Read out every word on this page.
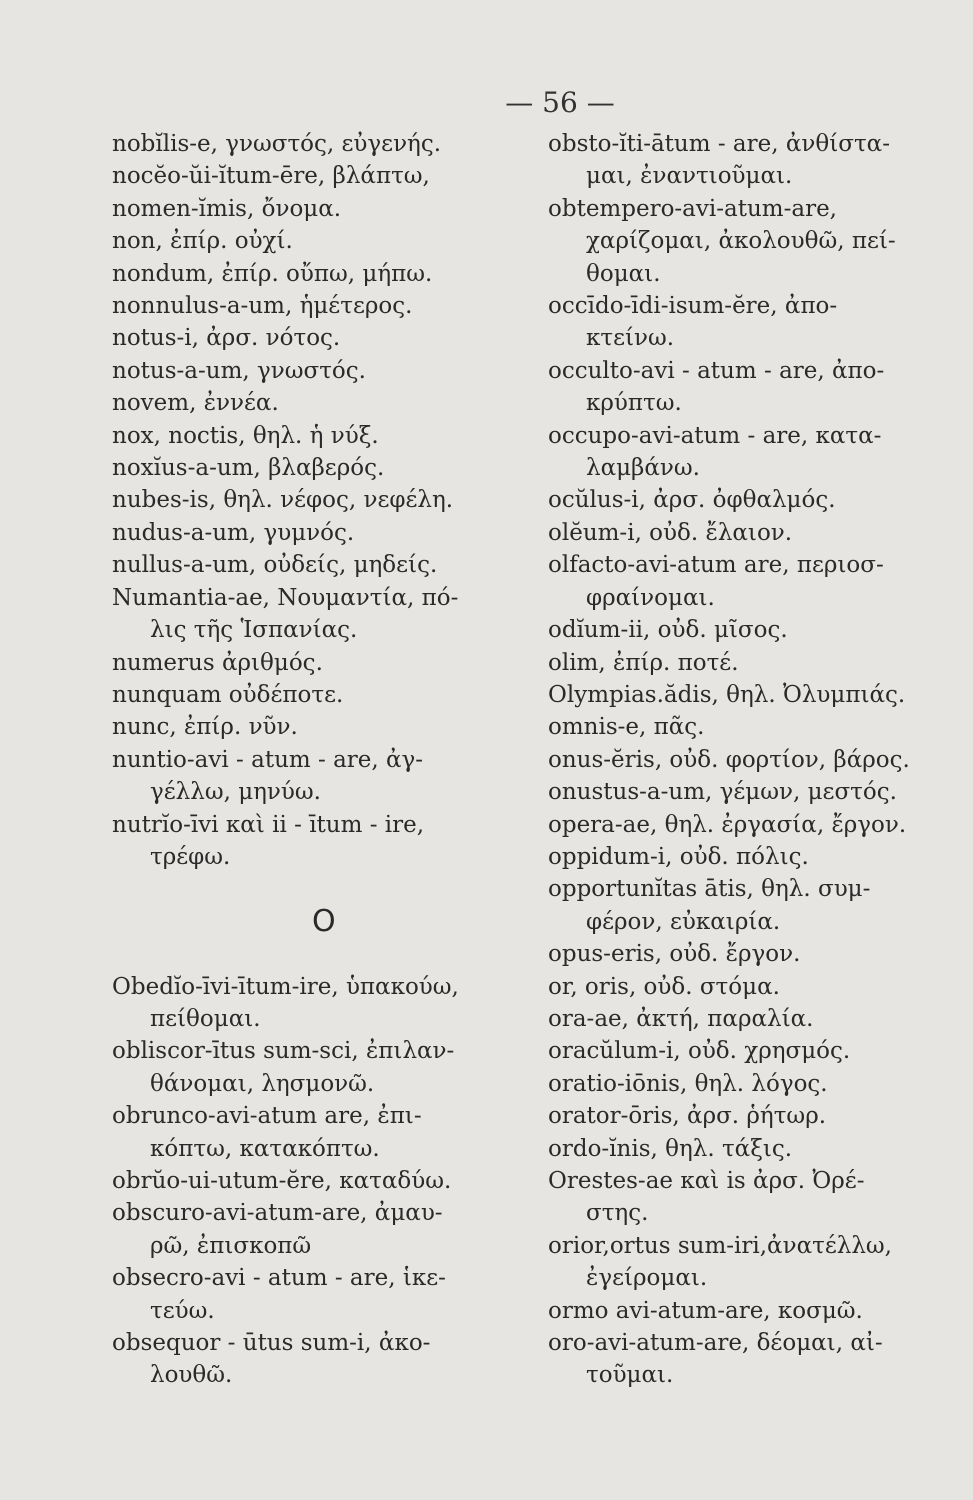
— 56 —
nobĭlis-e, γνωστός, εὐγενής.
nocĕo-ŭi-ĭtum-ēre, βλάπτω,
nomen-ĭmis, ὄνομα.
non, ἐπίρ. οὐχί.
nondum, ἐπίρ. οὔπω, μήπω.
nonnulus-a-um, ἡμέτερος.
notus-i, ἀρσ. νότος.
notus-a-um, γνωστός.
novem, ἐννέα.
nox, noctis, θηλ. ἡ νύξ.
noxĭus-a-um, βλαβερός.
nubes-is, θηλ. νέφος, νεφέλη.
nudus-a-um, γυμνός.
nullus-a-um, οὐδείς, μηδείς.
Numantia-ae, Νουμαντία, πό-
λις τῆς Ἱσπανίας.
numerus ἀριθμός.
nunquam οὐδέποτε.
nunc, ἐπίρ. νῦν.
nuntio-avi - atum - are, ἀγ-
γέλλω, μηνύω.
nutrĭo-īvi καὶ ii - ītum - ire,
τρέφω.
O
Obedĭo-īvi-ītum-ire, ὑπακούω,
πείθομαι.
obliscor-ītus sum-sci, ἐπιλαν-
θάνομαι, λησμονῶ.
obrunco-avi-atum are, ἐπι-
κόπτω, κατακόπτω.
obrŭo-ui-utum-ĕre, καταδύω.
obscuro-avi-atum-are, ἀμαυ-
ρῶ, ἐπισκοπῶ
obsecro-avi - atum - are, ἱκε-
τεύω.
obsequor - ūtus sum-i, ἀκο-
λουθῶ.
obsto-ĭti-ātum - are, ἀνθίστα-
μαι, ἐναντιοῦμαι.
obtempero-avi-atum-are,
χαρίζομαι, ἀκολουθῶ, πεί-
θομαι.
occīdo-īdi-isum-ĕre, ἀπο-
κτείνω.
occulto-avi - atum - are, ἀπο-
κρύπτω.
occupo-avi-atum - are, κατα-
λαμβάνω.
ocŭlus-i, ἀρσ. ὀφθαλμός.
olĕum-i, οὐδ. ἔλαιον.
olfacto-avi-atum are, περιοσ-
φραίνομαι.
odĭum-ii, οὐδ. μῖσος.
olim, ἐπίρ. ποτέ.
Olympias.ădis, θηλ. Ὀλυμπιάς.
omnis-e, πᾶς.
onus-ĕris, οὐδ. φορτίον, βάρος.
onustus-a-um, γέμων, μεστός.
opera-ae, θηλ. ἐργασία, ἔργον.
oppidum-i, οὐδ. πόλις.
opportunĭtas ātis, θηλ. συμ-
φέρον, εὐκαιρία.
opus-eris, οὐδ. ἔργον.
or, oris, οὐδ. στόμα.
ora-ae, ἀκτή, παραλία.
oracŭlum-i, οὐδ. χρησμός.
oratio-iōnis, θηλ. λόγος.
orator-ōris, ἀρσ. ῥήτωρ.
ordo-ĭnis, θηλ. τάξις.
Orestes-ae καὶ is ἀρσ. Ὀρέ-
στης.
orior,ortus sum-iri,ἀνατέλλω,
ἐγείρομαι.
ormo avi-atum-are, κοσμῶ.
oro-avi-atum-are, δέομαι, αἰ-
τοῦμαι.
